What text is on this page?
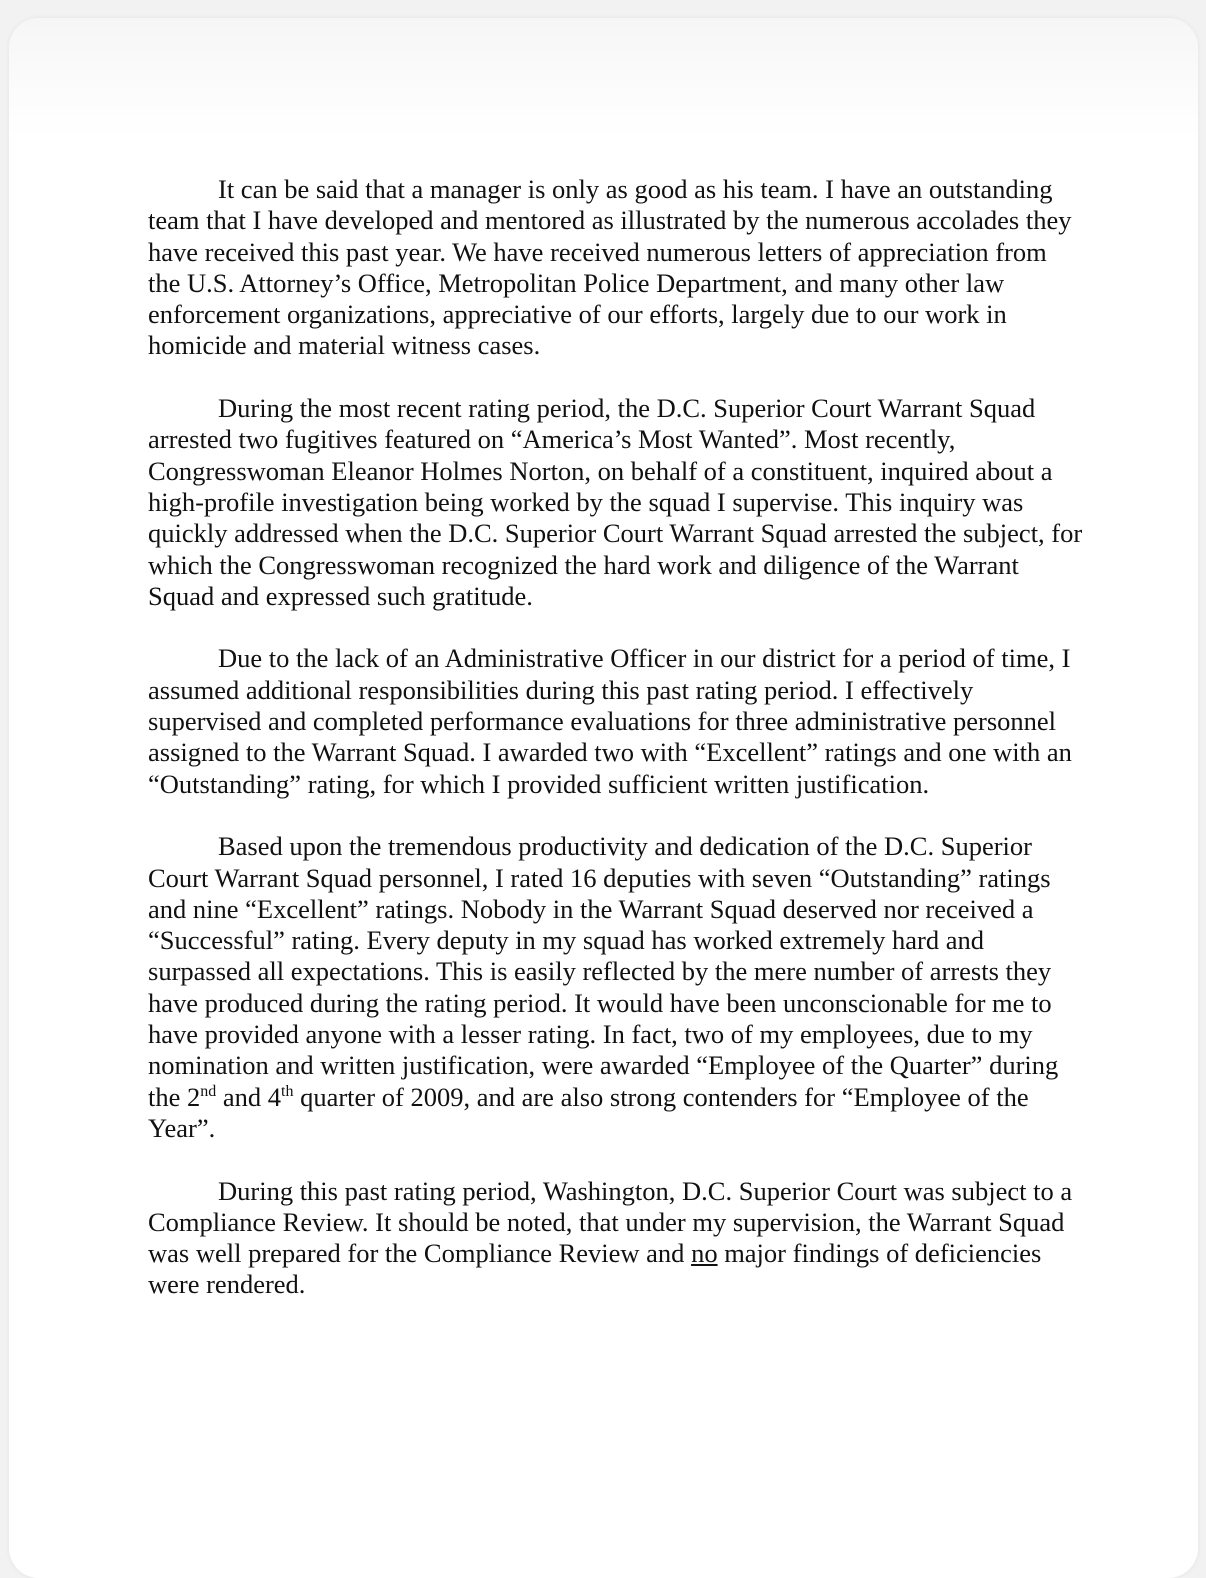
It can be said that a manager is only as good as his team. I have an outstanding
team that I have developed and mentored as illustrated by the numerous accolades they
have received this past year. We have received numerous letters of appreciation from
the U.S. Attorney’s Office, Metropolitan Police Department, and many other law
enforcement organizations, appreciative of our efforts, largely due to our work in
homicide and material witness cases.

During the most recent rating period, the D.C. Superior Court Warrant Squad
arrested two fugitives featured on “America’s Most Wanted”. Most recently,
Congresswoman Eleanor Holmes Norton, on behalf of a constituent, inquired about a
high-profile investigation being worked by the squad I supervise. This inquiry was
quickly addressed when the D.C. Superior Court Warrant Squad arrested the subject, for
which the Congresswoman recognized the hard work and diligence of the Warrant
Squad and expressed such gratitude.

Due to the lack of an Administrative Officer in our district for a period of time, I
assumed additional responsibilities during this past rating period. I effectively
supervised and completed performance evaluations for three administrative personnel
assigned to the Warrant Squad. I awarded two with “Excellent” ratings and one with an
“Outstanding” rating, for which I provided sufficient written justification.

Based upon the tremendous productivity and dedication of the D.C. Superior
Court Warrant Squad personnel, I rated 16 deputies with seven “Outstanding” ratings
and nine “Excellent” ratings. Nobody in the Warrant Squad deserved nor received a
“Successful” rating. Every deputy in my squad has worked extremely hard and
surpassed all expectations. This is easily reflected by the mere number of arrests they
have produced during the rating period. It would have been unconscionable for me to
have provided anyone with a lesser rating. In fact, two of my employees, due to my
nomination and written justification, were awarded “Employee of the Quarter” during
the 2nd and 4th quarter of 2009, and are also strong contenders for “Employee of the
Year”.

During this past rating period, Washington, D.C. Superior Court was subject to a
Compliance Review. It should be noted, that under my supervision, the Warrant Squad
was well prepared for the Compliance Review and no major findings of deficiencies
were rendered.
